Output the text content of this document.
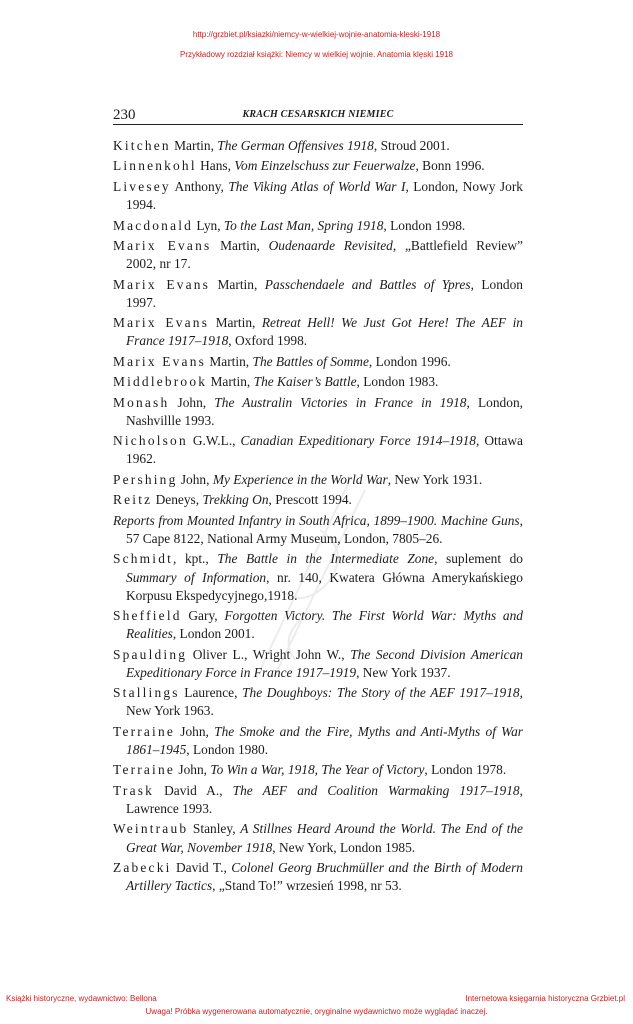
http://grzbiet.pl/ksiazki/niemcy-w-wielkiej-wojnie-anatomia-kleski-1918
Przykładowy rozdział książki: Niemcy w wielkiej wojnie. Anatomia klęski 1918
230	KRACH CESARSKICH NIEMIEC
Kitchen Martin, The German Offensives 1918, Stroud 2001.
Linnenkohl Hans, Vom Einzelschuss zur Feuerwalze, Bonn 1996.
Livesey Anthony, The Viking Atlas of World War I, London, Nowy Jork 1994.
Macdonald Lyn, To the Last Man, Spring 1918, London 1998.
Marix Evans Martin, Oudenaarde Revisited, „Battlefield Review” 2002, nr 17.
Marix Evans Martin, Passchendaele and Battles of Ypres, London 1997.
Marix Evans Martin, Retreat Hell! We Just Got Here! The AEF in France 1917–1918, Oxford 1998.
Marix Evans Martin, The Battles of Somme, London 1996.
Middlebrook Martin, The Kaiser’s Battle, London 1983.
Monash John, The Australin Victories in France in 1918, London, Nashvillle 1993.
Nicholson G.W.L., Canadian Expeditionary Force 1914–1918, Ottawa 1962.
Pershing John, My Experience in the World War, New York 1931.
Reitz Deneys, Trekking On, Prescott 1994.
Reports from Mounted Infantry in South Africa, 1899–1900. Machine Guns, 57 Cape 8122, National Army Museum, London, 7805–26.
Schmidt, kpt., The Battle in the Intermediate Zone, suplement do Summary of Information, nr. 140, Kwatera Główna Amerykańskiego Korpusu Ekspedycyjnego,1918.
Sheffield Gary, Forgotten Victory. The First World War: Myths and Realities, London 2001.
Spaulding Oliver L., Wright John W., The Second Division American Expeditionary Force in France 1917–1919, New York 1937.
Stallings Laurence, The Doughboys: The Story of the AEF 1917–1918, New York 1963.
Terraine John, The Smoke and the Fire, Myths and Anti-Myths of War 1861–1945, London 1980.
Terraine John, To Win a War, 1918, The Year of Victory, London 1978.
Trask David A., The AEF and Coalition Warmaking 1917–1918, Lawrence 1993.
Weintraub Stanley, A Stillnes Heard Around the World. The End of the Great War, November 1918, New York, London 1985.
Zabecki David T., Colonel Georg Bruchmüller and the Birth of Modern Artillery Tactics, „Stand To!” wrzesień 1998, nr 53.
Książki historyczne, wydawnictwo: Bellona	Internetowa księgarnia historyczna Grzbiet.pl
Uwaga! Próbka wygenerowana automatycznie, oryginalne wydawnictwo może wyglądać inaczej.
